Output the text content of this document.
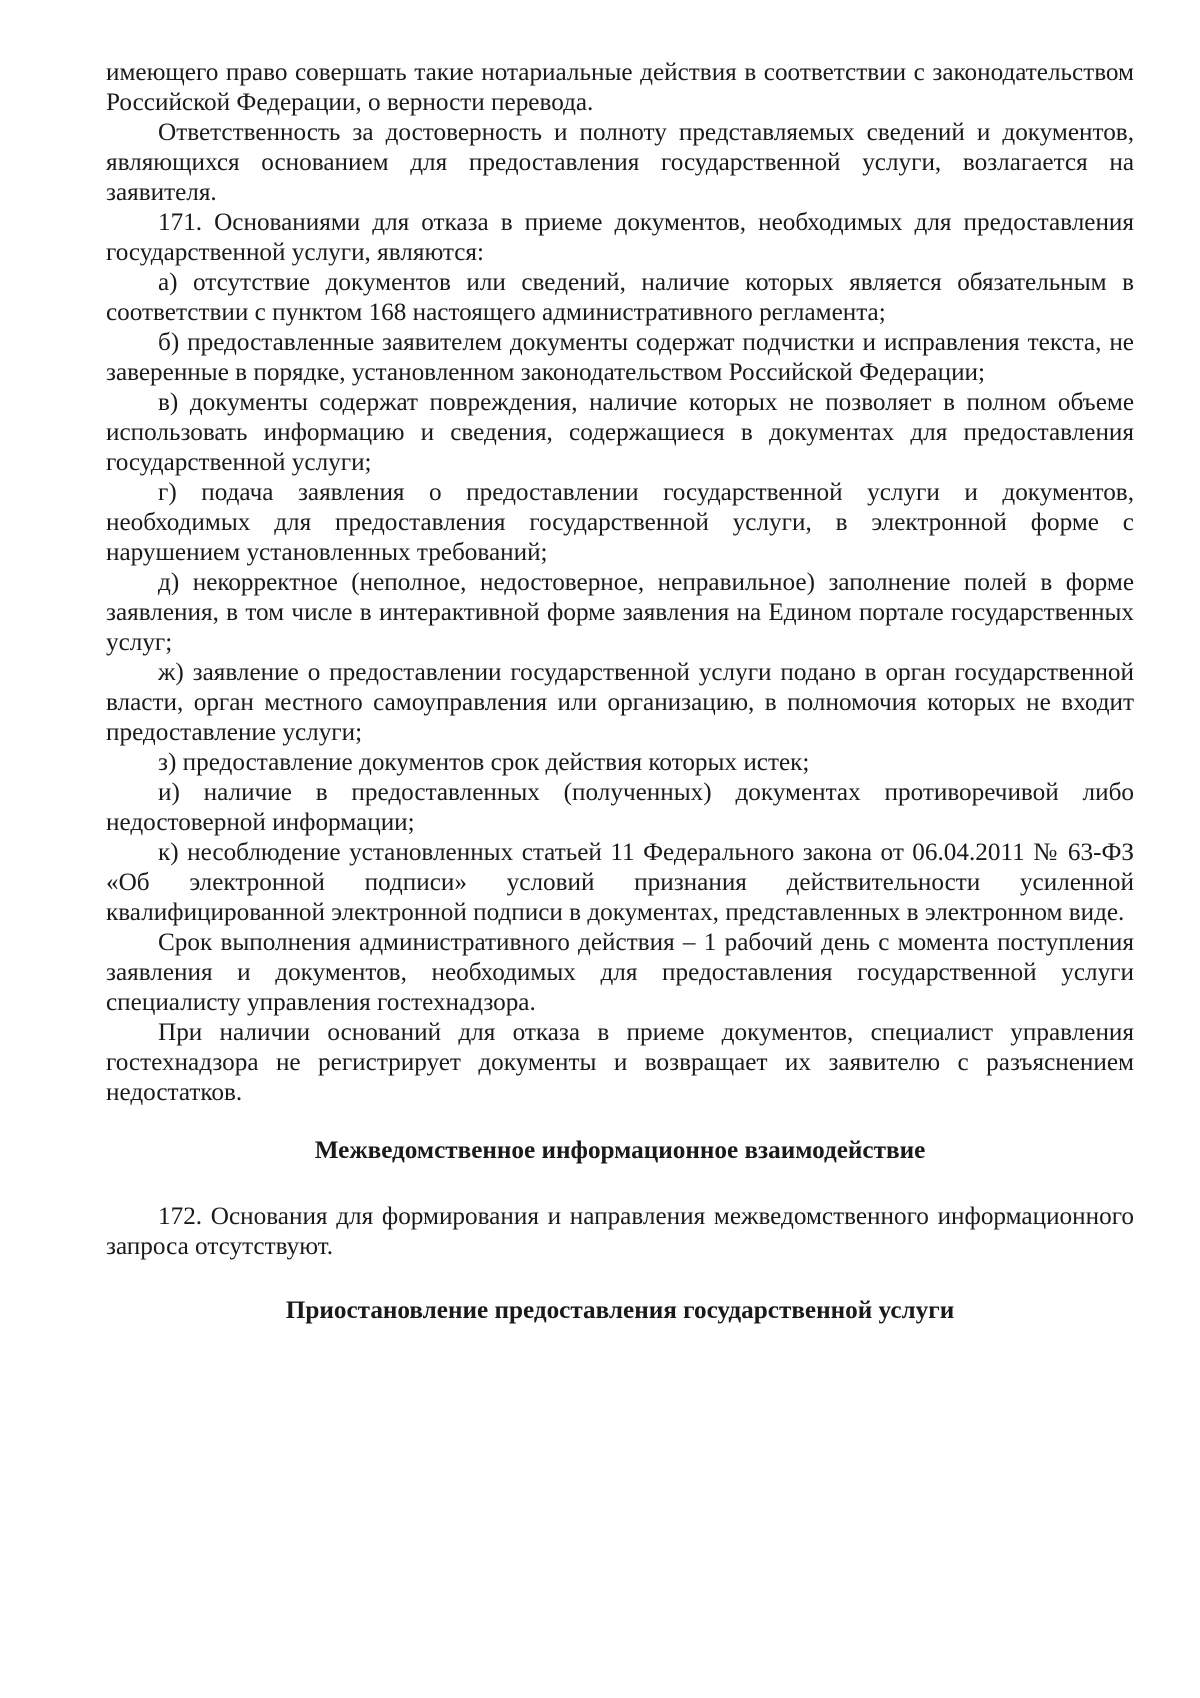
имеющего право совершать такие нотариальные действия в соответствии с законодательством Российской Федерации, о верности перевода.

Ответственность за достоверность и полноту представляемых сведений и документов, являющихся основанием для предоставления государственной услуги, возлагается на заявителя.

171. Основаниями для отказа в приеме документов, необходимых для предоставления государственной услуги, являются:

а) отсутствие документов или сведений, наличие которых является обязательным в соответствии с пунктом 168 настоящего административного регламента;

б) предоставленные заявителем документы содержат подчистки и исправления текста, не заверенные в порядке, установленном законодательством Российской Федерации;

в) документы содержат повреждения, наличие которых не позволяет в полном объеме использовать информацию и сведения, содержащиеся в документах для предоставления государственной услуги;

г) подача заявления о предоставлении государственной услуги и документов, необходимых для предоставления государственной услуги, в электронной форме с нарушением установленных требований;

д) некорректное (неполное, недостоверное, неправильное) заполнение полей в форме заявления, в том числе в интерактивной форме заявления на Едином портале государственных услуг;

ж) заявление о предоставлении государственной услуги подано в орган государственной власти, орган местного самоуправления или организацию, в полномочия которых не входит предоставление услуги;

з) предоставление документов срок действия которых истек;

и) наличие в предоставленных (полученных) документах противоречивой либо недостоверной информации;

к) несоблюдение установленных статьей 11 Федерального закона от 06.04.2011 № 63-ФЗ «Об электронной подписи» условий признания действительности усиленной квалифицированной электронной подписи в документах, представленных в электронном виде.

Срок выполнения административного действия – 1 рабочий день с момента поступления заявления и документов, необходимых для предоставления государственной услуги специалисту управления гостехнадзора.

При наличии оснований для отказа в приеме документов, специалист управления гостехнадзора не регистрирует документы и возвращает их заявителю с разъяснением недостатков.

Межведомственное информационное взаимодействие

172. Основания для формирования и направления межведомственного информационного запроса отсутствуют.

Приостановление предоставления государственной услуги
